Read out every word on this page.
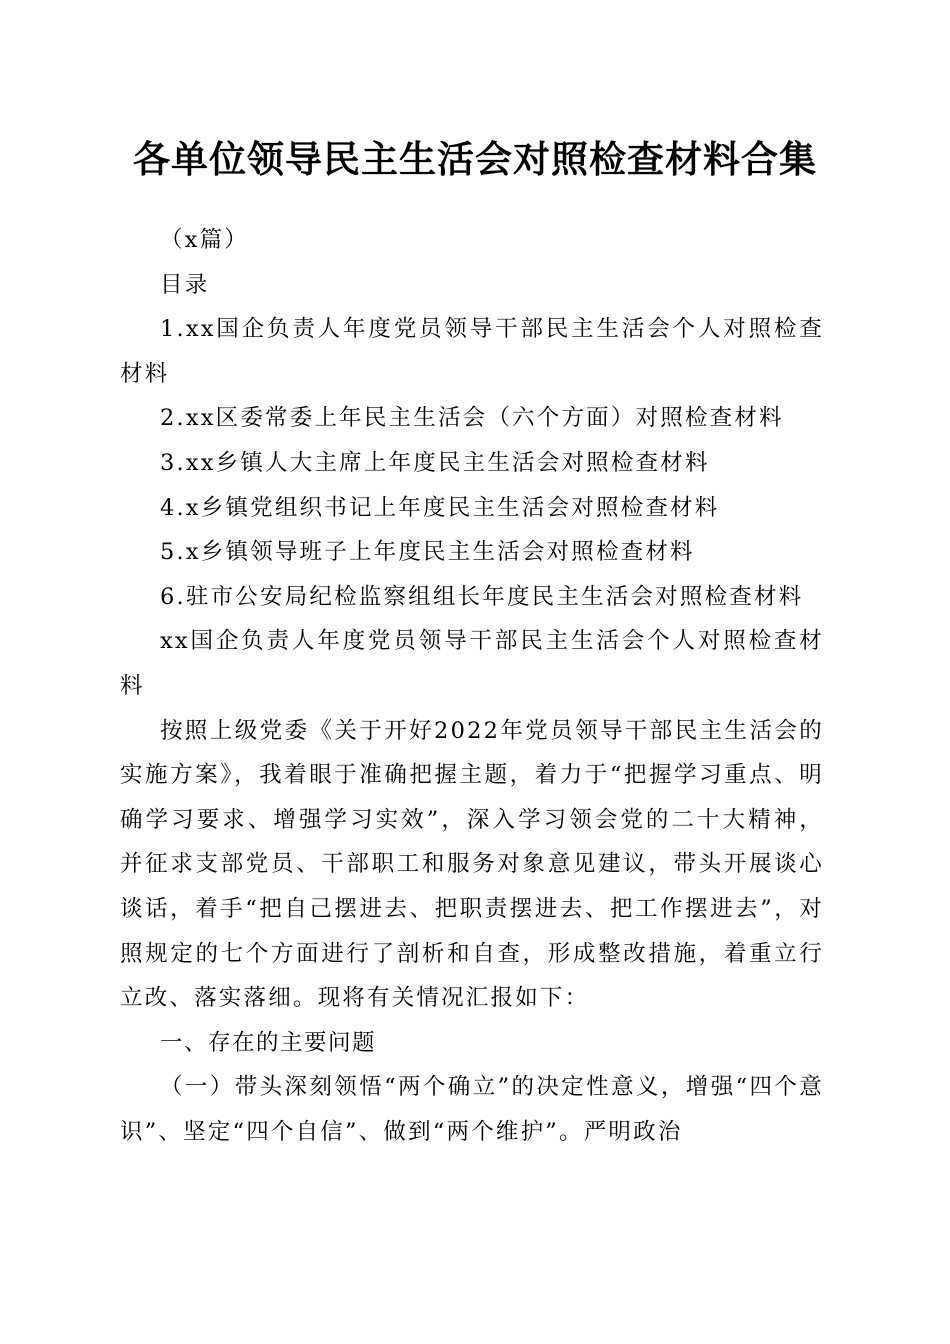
各单位领导民主生活会对照检查材料合集

（x篇）

目录

1.xx国企负责人年度党员领导干部民主生活会个人对照检查材料

2.xx区委常委上年民主生活会（六个方面）对照检查材料

3.xx乡镇人大主席上年度民主生活会对照检查材料

4.x乡镇党组织书记上年度民主生活会对照检查材料

5.x乡镇领导班子上年度民主生活会对照检查材料

6.驻市公安局纪检监察组组长年度民主生活会对照检查材料

xx国企负责人年度党员领导干部民主生活会个人对照检查材料

按照上级党委《关于开好2022年党员领导干部民主生活会的实施方案》，我着眼于准确把握主题，着力于“把握学习重点、明确学习要求、增强学习实效”，深入学习领会党的二十大精神，并征求支部党员、干部职工和服务对象意见建议，带头开展谈心谈话，着手“把自己摆进去、把职责摆进去、把工作摆进去”，对照规定的七个方面进行了剖析和自查，形成整改措施，着重立行立改、落实落细。现将有关情况汇报如下：

一、存在的主要问题

（一）带头深刻领悟“两个确立”的决定性意义，增强“四个意识”、坚定“四个自信”、做到“两个维护”。严明政治
